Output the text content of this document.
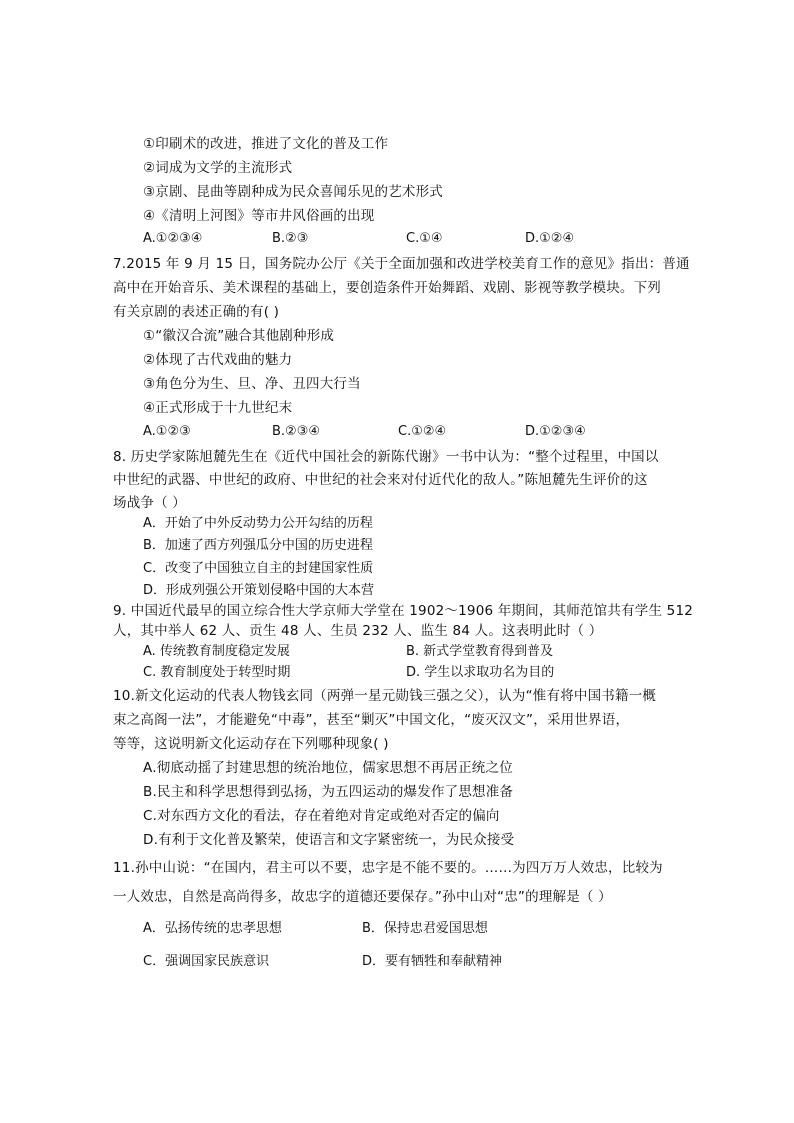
①印刷术的改进，推进了文化的普及工作
②词成为文学的主流形式
③京剧、昆曲等剧种成为民众喜闻乐见的艺术形式
④《清明上河图》等市井风俗画的出现
A.①②③④	B.②③	C.①④	D.①②④
7.2015 年 9 月 15 日，国务院办公厅《关于全面加强和改进学校美育工作的意见》指出：普通
高中在开始音乐、美术课程的基础上，要创造条件开始舞蹈、戏剧、影视等教学模块。下列
有关京剧的表述正确的有( )
①“徽汉合流”融合其他剧种形成
②体现了古代戏曲的魅力
③角色分为生、旦、净、丑四大行当
④正式形成于十九世纪末
A.①②③	B.②③④	C.①②④	D.①②③④
8. 历史学家陈旭麓先生在《近代中国社会的新陈代谢》一书中认为：“整个过程里，中国以
中世纪的武器、中世纪的政府、中世纪的社会来对付近代化的敌人。”陈旭麓先生评价的这
场战争（ ）
A．开始了中外反动势力公开勾结的历程
B．加速了西方列强瓜分中国的历史进程
C．改变了中国独立自主的封建国家性质
D．形成列强公开策划侵略中国的大本营
9. 中国近代最早的国立综合性大学京师大学堂在 1902～1906 年期间，其师范馆共有学生 512
人，其中举人 62 人、贡生 48 人、生员 232 人、监生 84 人。这表明此时（ ）
A. 传统教育制度稳定发展	B. 新式学堂教育得到普及
C. 教育制度处于转型时期	D. 学生以求取功名为目的
10.新文化运动的代表人物钱玄同（两弹一星元勋钱三强之父），认为“惟有将中国书籍一概
束之高阁一法”，才能避免“中毒”，甚至“剿灭”中国文化，“废灭汉文”，采用世界语，
等等，这说明新文化运动存在下列哪种现象( )
A.彻底动摇了封建思想的统治地位，儒家思想不再居正统之位
B.民主和科学思想得到弘扬，为五四运动的爆发作了思想准备
C.对东西方文化的看法，存在着绝对肯定或绝对否定的偏向
D.有利于文化普及繁荣，使语言和文字紧密统一，为民众接受
11.孙中山说：“在国内，君主可以不要，忠字是不能不要的。……为四万万人效忠，比较为
一人效忠，自然是高尚得多，故忠字的道德还要保存。”孙中山对“忠”的理解是（ ）
A．弘扬传统的忠孝思想	B．保持忠君爱国思想
C．强调国家民族意识	D．要有牺牲和奉献精神
